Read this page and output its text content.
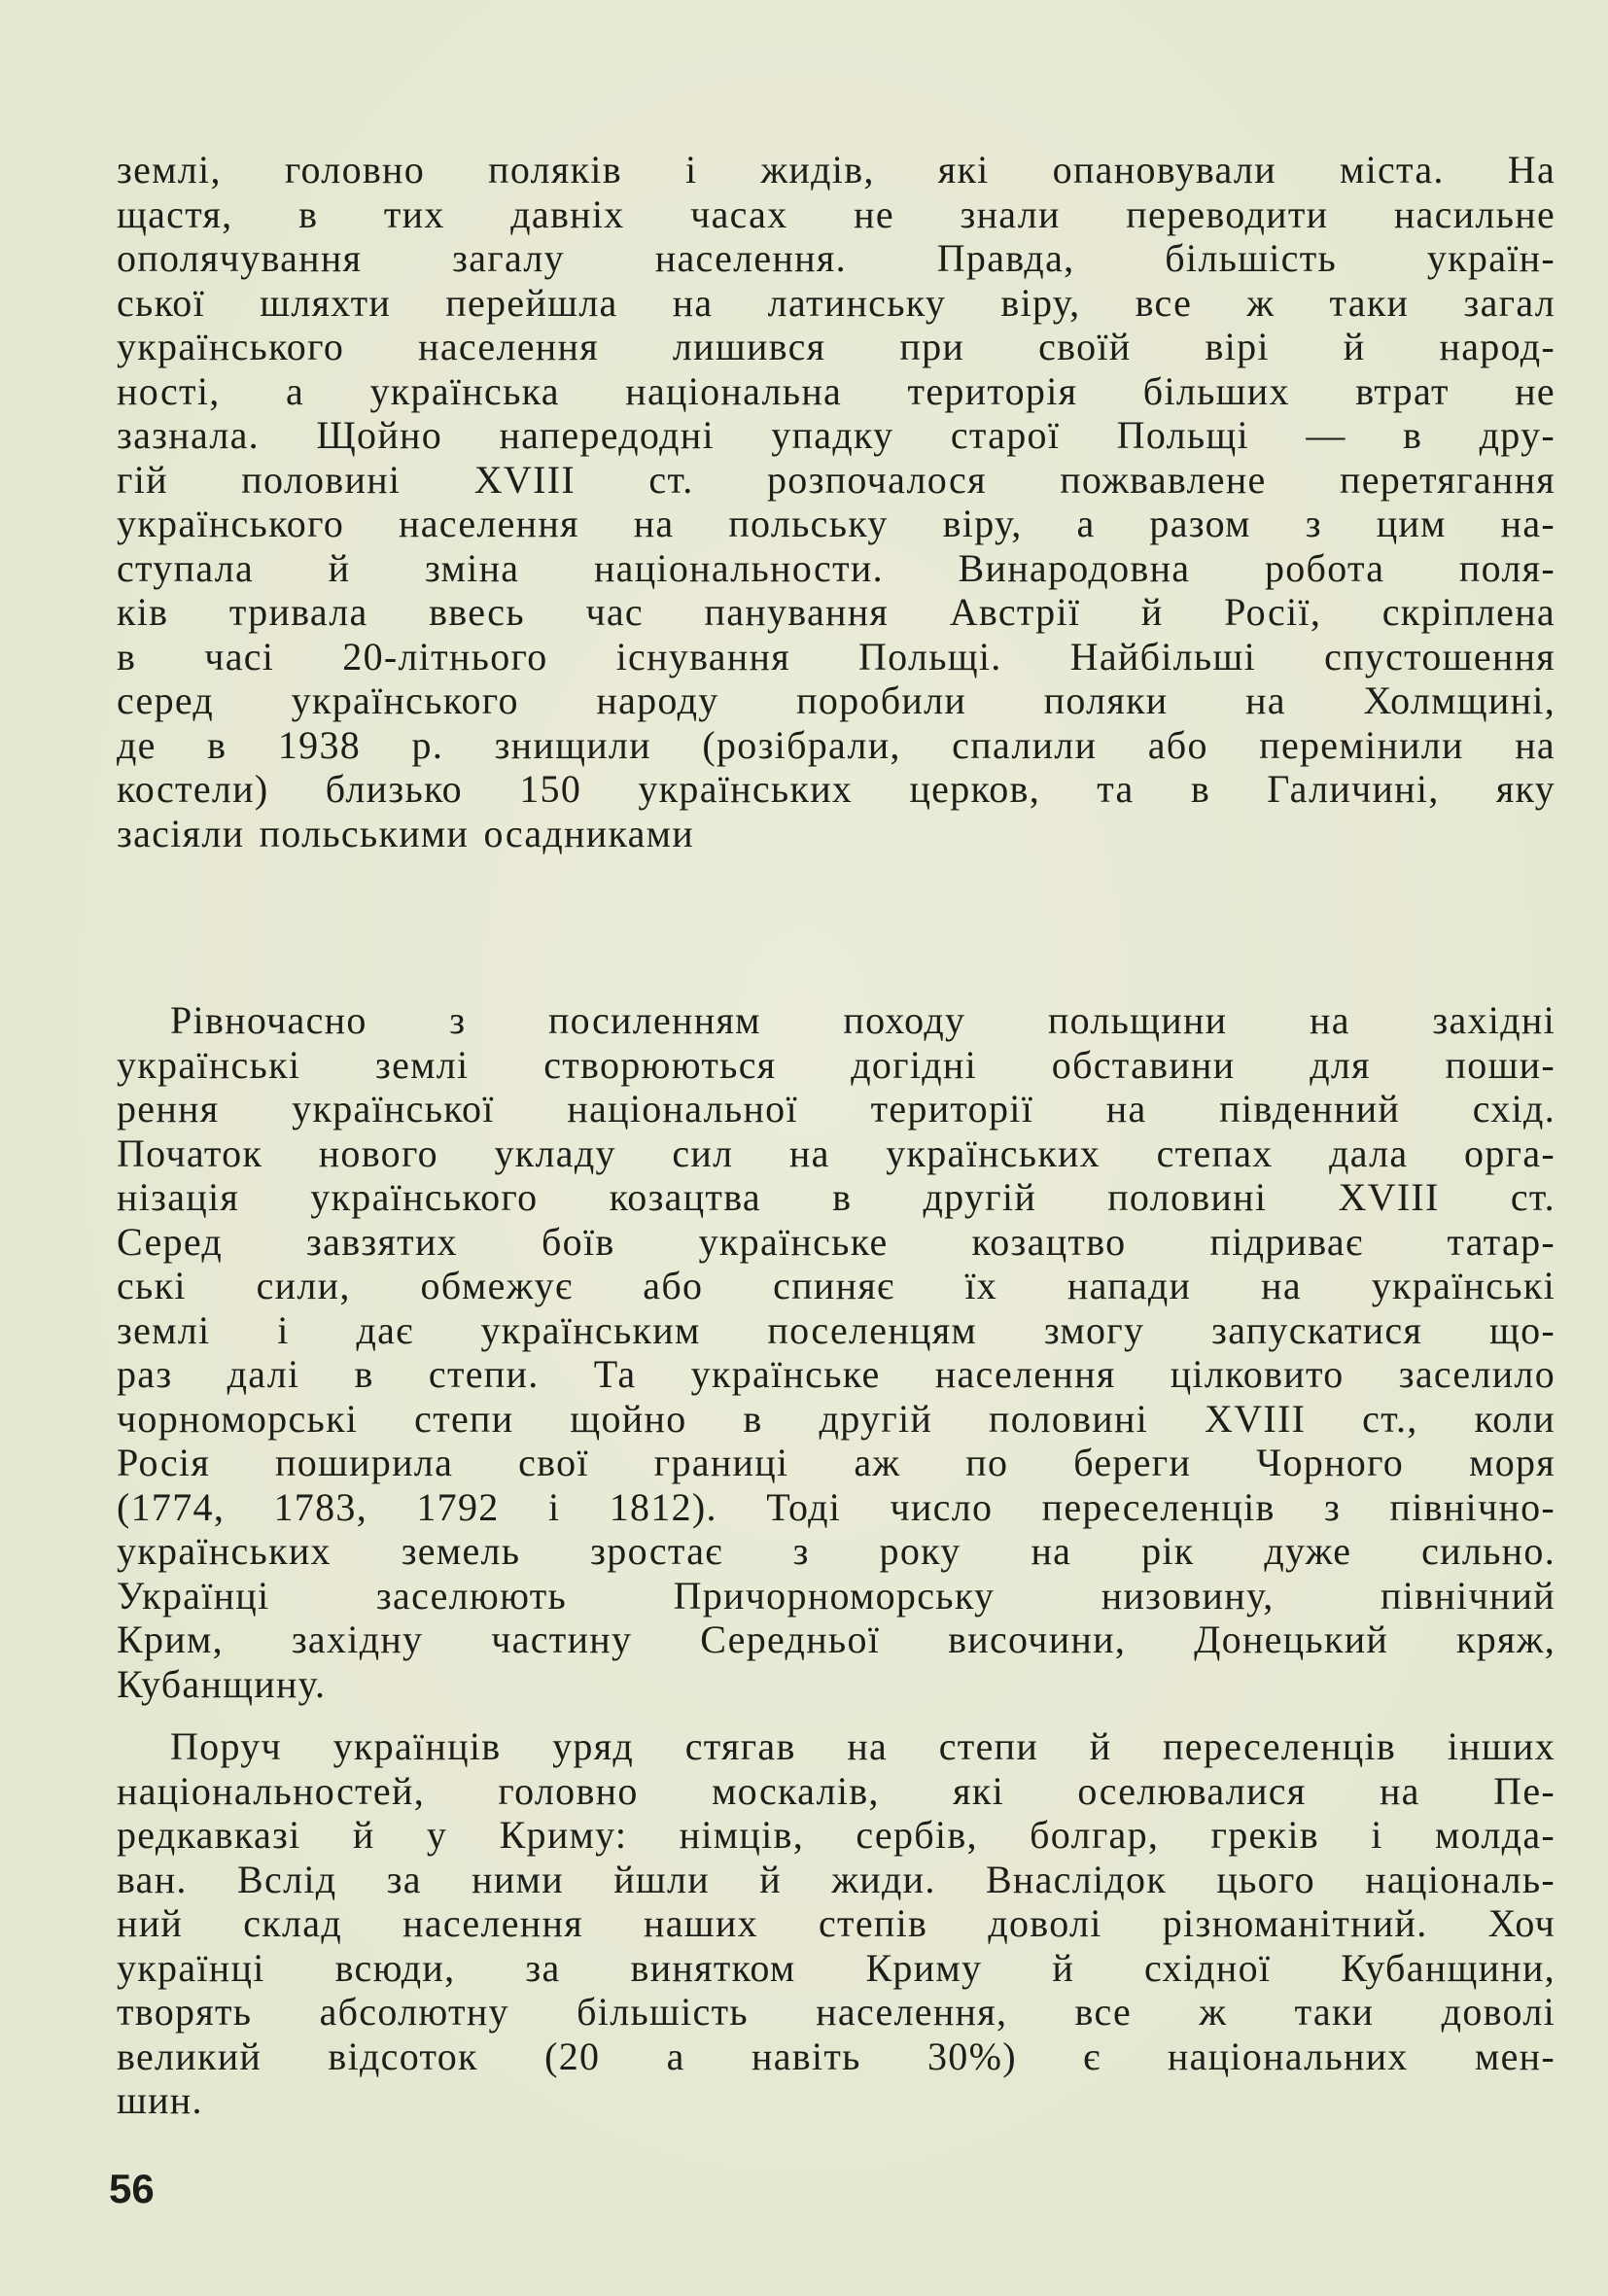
землі, головно поляків і жидів, які опановували міста. На
щастя, в тих давніх часах не знали переводити насильне
ополячування загалу населення. Правда, більшість україн-
ської шляхти перейшла на латинську віру, все ж таки загал
українського населення лишився при своїй вірі й народ-
ності, а українська національна територія більших втрат не
зазнала. Щойно напередодні упадку старої Польщі — в дру-
гій половині XVIII ст. розпочалося пожвавлене перетягання
українського населення на польську віру, а разом з цим на-
ступала й зміна національности. Винародовна робота поля-
ків тривала ввесь час панування Австрії й Росії, скріплена
в часі 20-літнього існування Польщі. Найбільші спустошення
серед українського народу поробили поляки на Холмщині,
де в 1938 р. знищили (розібрали, спалили або перемінили на
костели) близько 150 українських церков, та в Галичині, яку
засіяли польськими осадниками
Рівночасно з посиленням походу польщини на західні
українські землі створюються догідні обставини для поши-
рення української національної території на південний схід.
Початок нового укладу сил на українських степах дала орга-
нізація українського козацтва в другій половині XVIII ст.
Серед завзятих боїв українське козацтво підриває татар-
ські сили, обмежує або спиняє їх напади на українські
землі і дає українським поселенцям змогу запускатися що-
раз далі в степи. Та українське населення цілковито заселило
чорноморські степи щойно в другій половині XVIII ст., коли
Росія поширила свої границі аж по береги Чорного моря
(1774, 1783, 1792 і 1812). Тоді число переселенців з північно-
українських земель зростає з року на рік дуже сильно.
Українці заселюють Причорноморську низовину, північний
Крим, західну частину Середньої височини, Донецький кряж,
Кубанщину.
Поруч українців уряд стягав на степи й переселенців інших
національностей, головно москалів, які оселювалися на Пе-
редкавказі й у Криму: німців, сербів, болгар, греків і молда-
ван. Вслід за ними йшли й жиди. Внаслідок цього національ-
ний склад населення наших степів доволі різноманітний. Хоч
українці всюди, за винятком Криму й східної Кубанщини,
творять абсолютну більшість населення, все ж таки доволі
великий відсоток (20 а навіть 30%) є національних мен-
шин.
56
